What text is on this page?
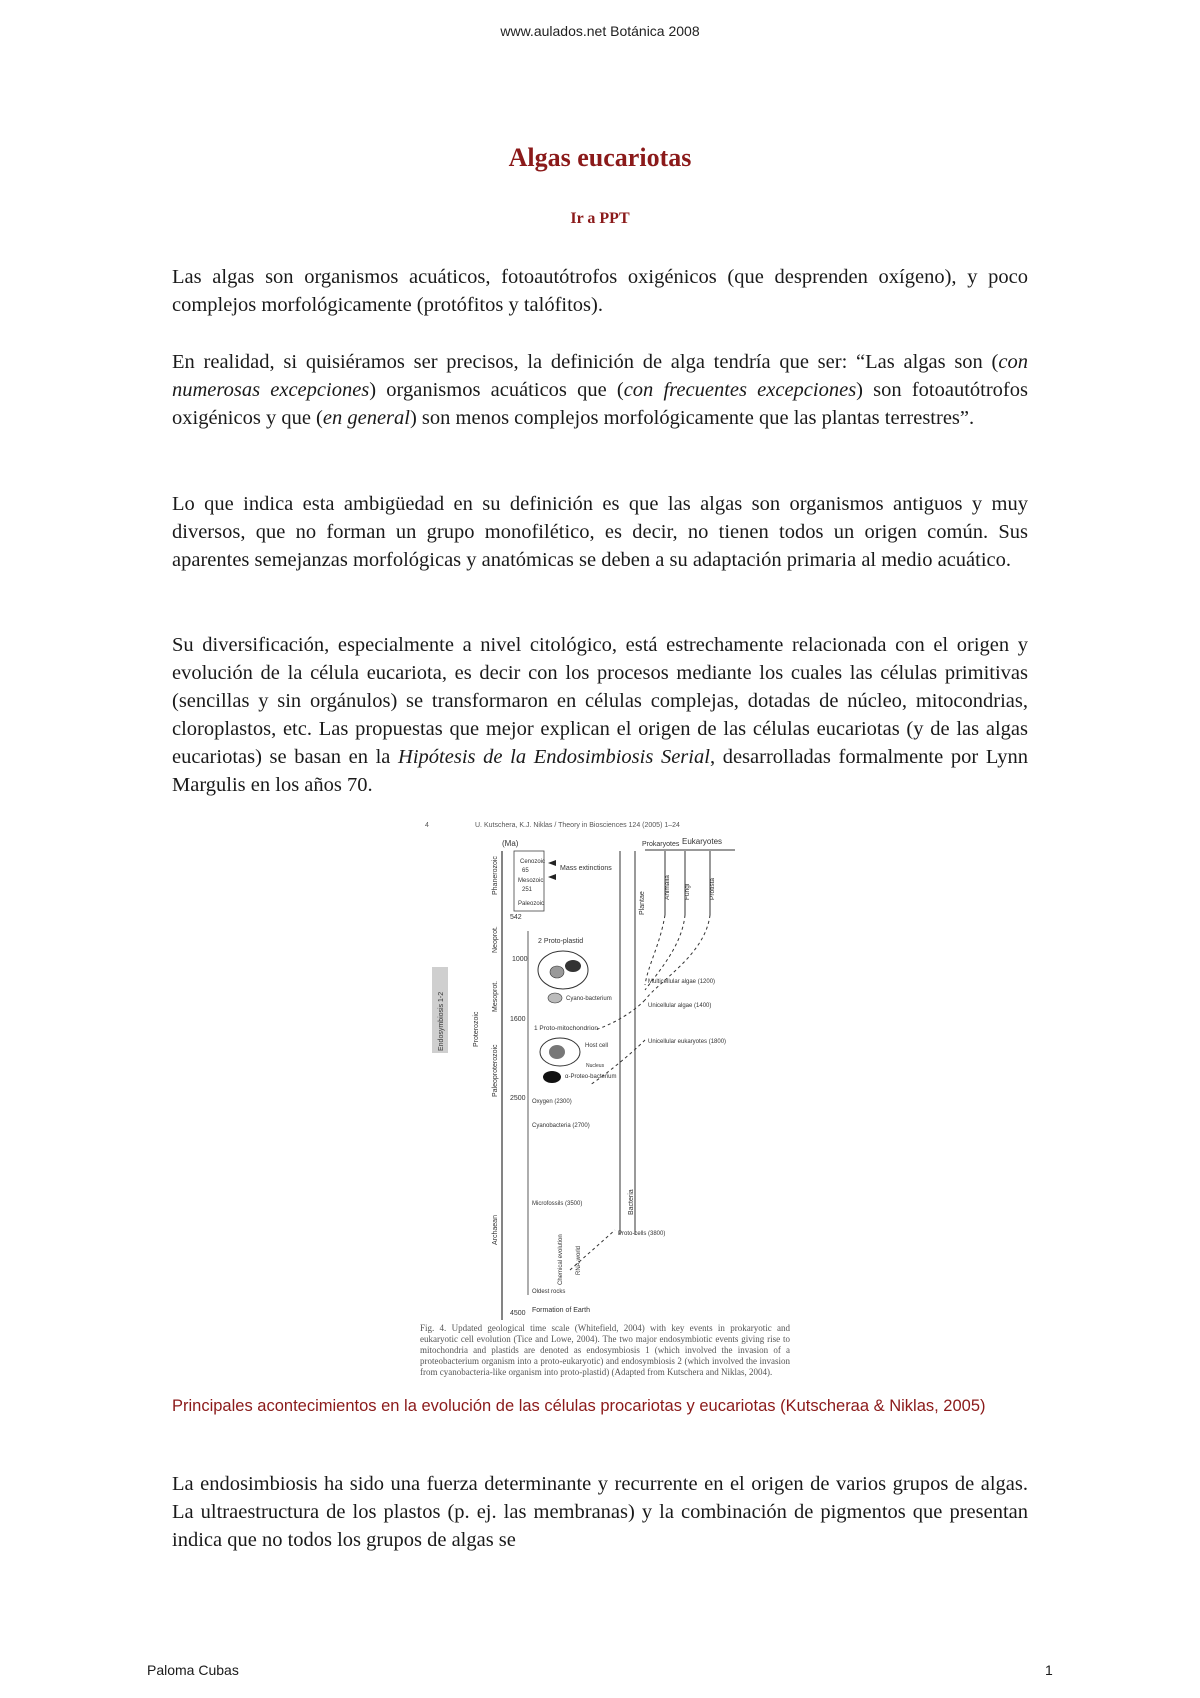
www.aulados.net Botánica 2008
Algas eucariotas
Ir a PPT

Las algas son organismos acuáticos, fotoautótrofos oxigénicos (que desprenden oxígeno), y poco complejos morfológicamente (protófitos y talófitos).

En realidad, si quisiéramos ser precisos, la definición de alga tendría que ser: “Las algas son (con numerosas excepciones) organismos acuáticos que (con frecuentes excepciones) son fotoautótrofos oxigénicos y que (en general) son menos complejos morfológicamente que las plantas terrestres”.

Lo que indica esta ambigüedad en su definición es que las algas son organismos antiguos y muy diversos, que no forman un grupo monofilético, es decir, no tienen todos un origen común. Sus aparentes semejanzas morfológicas y anatómicas se deben a su adaptación primaria al medio acuático.

Su diversificación, especialmente a nivel citológico, está estrechamente relacionada con el origen y evolución de la célula eucariota, es decir con los procesos mediante los cuales las células primitivas (sencillas y sin orgánulos) se transformaron en células complejas, dotadas de núcleo, mitocondrias, cloroplastos, etc. Las propuestas que mejor explican el origen de las células eucariotas (y de las algas eucariotas) se basan en la Hipótesis de la Endosimbiosis Serial, desarrolladas formalmente por Lynn Margulis en los años 70.

4	U. Kutschera, K.J. Niklas / Theory in Biosciences 124 (2005) 1–24
(Ma)	Prokaryotes Eukaryotes
Endosymbiosis 1-2
Phanerozoic
Neoprot.
Mesoprot.
Paleoproterozoic
Proterozoic
Archaean
Cenozoic
65
Mesozoic
251
Paleozoic
542
1000
1600
2500
4500
Mass extinctions
2 Proto-plastid
Cyano-bacterium
1 Proto-mitochondrion
Host cell
Nucleus
α-Proteo-bacterium
Bacteria
Plantae
Animalia Fungi	Protista
Multicellular algae (1200)
Unicellular algae (1400)
Unicellular eukaryotes (1800)
Oxygen (2300)
Cyanobacteria (2700)
Microfossils (3500)
Proto-cells (3800)
Chemical evolution RNA-world
Oldest rocks
Formation of Earth
Fig. 4. Updated geological time scale (Whitefield, 2004) with key events in prokaryotic and eukaryotic cell evolution (Tice and Lowe, 2004). The two major endosymbiotic events giving rise to mitochondria and plastids are denoted as endosymbiosis 1 (which involved the invasion of a proteobacterium organism into a proto-eukaryotic) and endosymbiosis 2 (which involved the invasion from cyanobacteria-like organism into proto-plastid) (Adapted from Kutschera and Niklas, 2004).
Principales acontecimientos en la evolución de las células procariotas y eucariotas (Kutscheraa & Niklas, 2005)

La endosimbiosis ha sido una fuerza determinante y recurrente en el origen de varios grupos de algas. La ultraestructura de los plastos (p. ej. las membranas) y la combinación de pigmentos que presentan indica que no todos los grupos de algas se

Paloma Cubas	1
